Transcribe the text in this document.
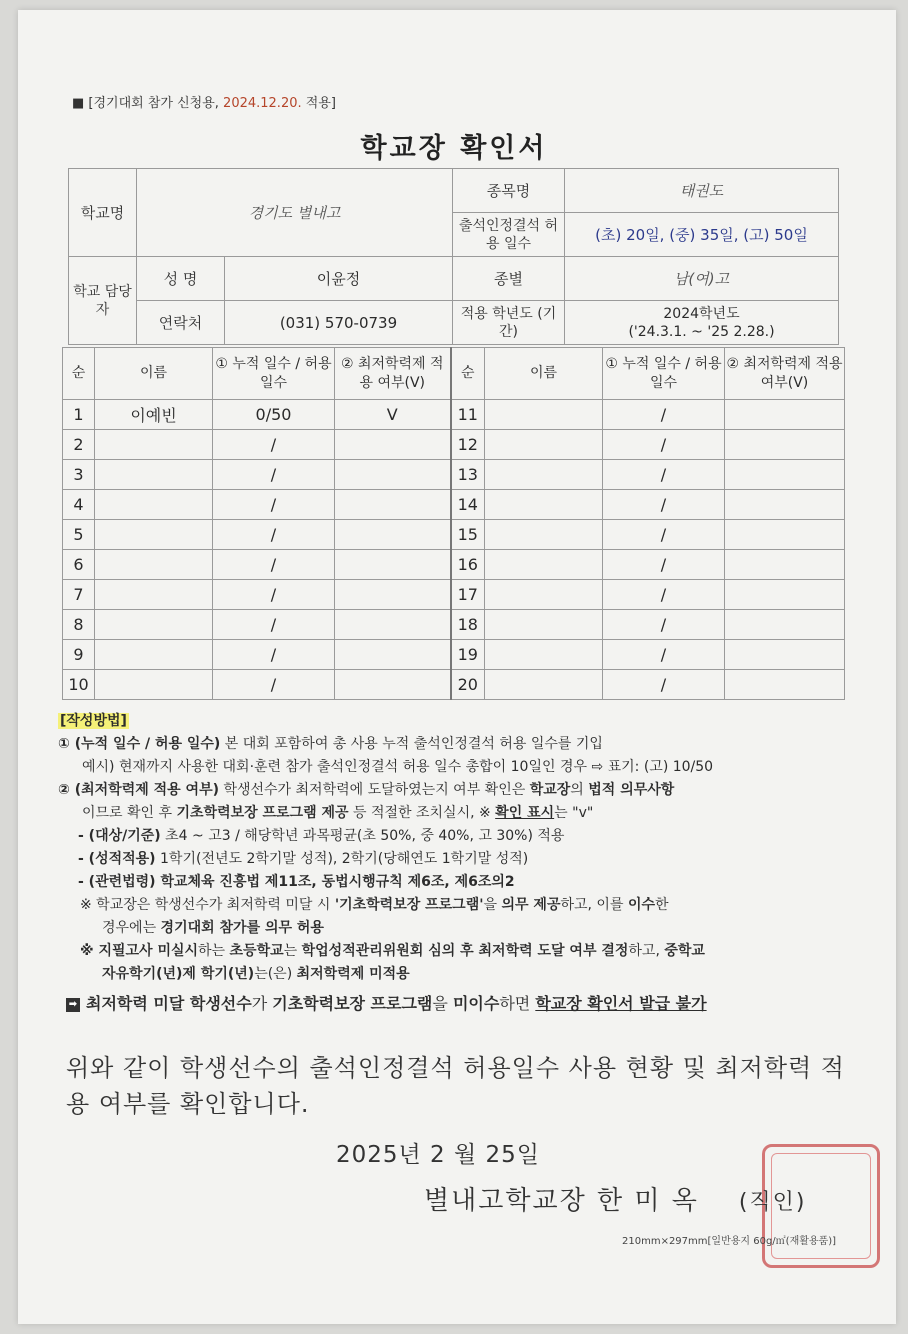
■ [경기대회 참가 신청용, 2024.12.20. 적용]
학교장 확인서
학교명	경기도 별내고		종목명	태권도
			출석인정결석 허용 일수	(초) 20일, (중) 35일, (고) 50일
학교 담당자	성 명	이윤정	종별	남(여)고
	연락처	(031) 570-0739	적용 학년도 (기간)	2024학년도
('24.3.1. ~ '25 2.28.)
순	이름	① 누적 일수 / 허용 일수	② 최저학력제 적용 여부(V)	순	이름	① 누적 일수 / 허용 일수	② 최저학력제 적용 여부(V)
1	이예빈	0/50	V	11		/	
2		/		12		/	
3		/		13		/	
4		/		14		/	
5		/		15		/	
6		/		16		/	
7		/		17		/	
8		/		18		/	
9		/		19		/	
10		/		20		/	
[작성방법]
① (누적 일수 / 허용 일수) 본 대회 포함하여 총 사용 누적 출석인정결석 허용 일수를 기입
예시) 현재까지 사용한 대회·훈련 참가 출석인정결석 허용 일수 총합이 10일인 경우 ⇨ 표기: (고) 10/50
② (최저학력제 적용 여부) 학생선수가 최저학력에 도달하였는지 여부 확인은 학교장의 법적 의무사항
이므로 확인 후 기초학력보장 프로그램 제공 등 적절한 조치실시, ※ 확인 표시는 "v"
- (대상/기준) 초4 ~ 고3 / 해당학년 과목평균(초 50%, 중 40%, 고 30%) 적용
- (성적적용) 1학기(전년도 2학기말 성적), 2학기(당해연도 1학기말 성적)
- (관련법령) 학교체육 진흥법 제11조, 동법시행규칙 제6조, 제6조의2
※ 학교장은 학생선수가 최저학력 미달 시 '기초학력보장 프로그램'을 의무 제공하고, 이를 이수한
경우에는 경기대회 참가를 의무 허용
※ 지필고사 미실시하는 초등학교는 학업성적관리위원회 심의 후 최저학력 도달 여부 결정하고, 중학교
자유학기(년)제 학기(년)는(은) 최저학력제 미적용
➡ 최저학력 미달 학생선수가 기초학력보장 프로그램을 미이수하면 학교장 확인서 발급 불가
위와 같이 학생선수의 출석인정결석 허용일수 사용 현황 및 최저학력 적용 여부를 확인합니다.
2025년 2 월 25일
별내고학교장 한 미 옥 (직인)
210mm×297mm[일반용지 60g/㎡(재활용품)]
